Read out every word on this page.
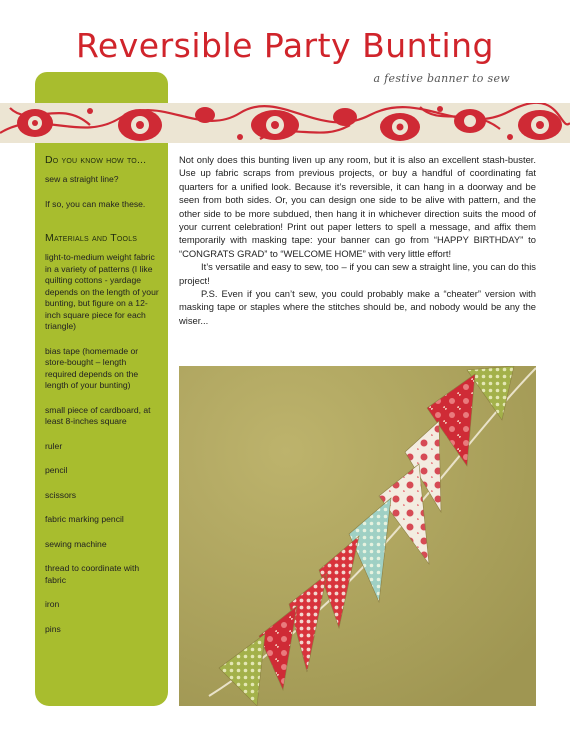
Reversible Party Bunting
a festive banner to sew
Do you know how to...
sew a straight line?
If so, you can make these.
Materials and Tools
light-to-medium weight fabric in a variety of patterns (I like quilting cottons - yardage depends on the length of your bunting, but figure on a 12-inch square piece for each triangle)
bias tape (homemade or store-bought – length required depends on the length of your bunting)
small piece of cardboard, at least 8-inches square
ruler
pencil
scissors
fabric marking pencil
sewing machine
thread to coordinate with fabric
iron
pins

Not only does this bunting liven up any room, but it is also an excellent stash-buster. Use up fabric scraps from previous projects, or buy a handful of coordinating fat quarters for a unified look. Because it’s reversible, it can hang in a doorway and be seen from both sides. Or, you can design one side to be alive with pattern, and the other side to be more subdued, then hang it in whichever direction suits the mood of your current celebration! Print out paper letters to spell a message, and affix them temporarily with masking tape: your banner can go from “HAPPY BIRTHDAY” to “CONGRATS GRAD” to “WELCOME HOME” with very little effort!

It’s versatile and easy to sew, too – if you can sew a straight line, you can do this project!

P.S. Even if you can’t sew, you could probably make a “cheater” version with masking tape or staples where the stitches should be, and nobody would be any the wiser...
